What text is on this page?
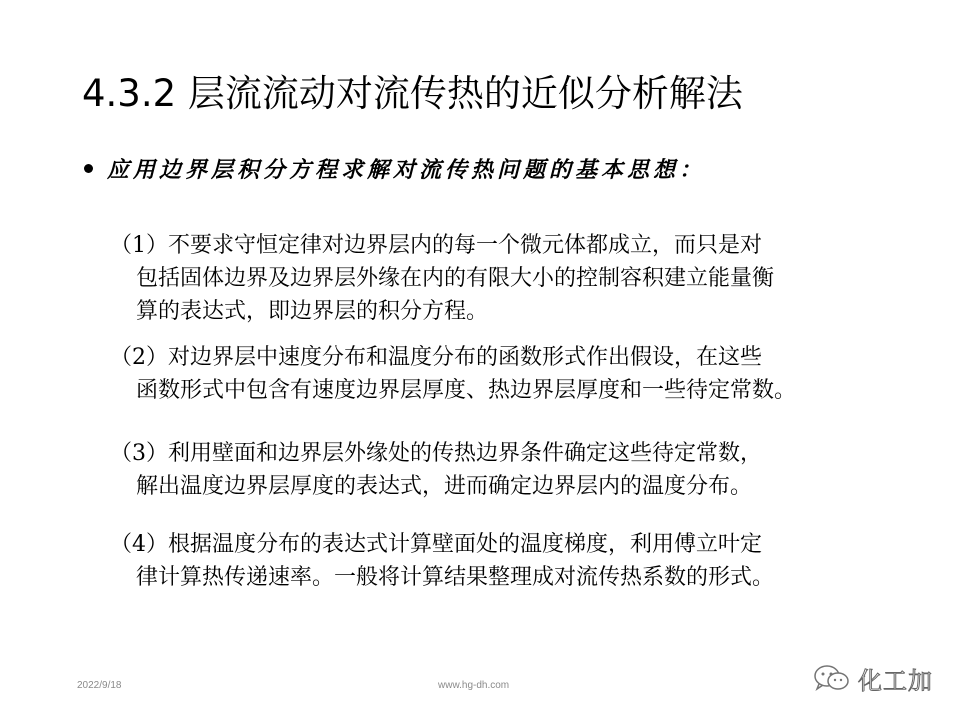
4.3.2 层流流动对流传热的近似分析解法
应用边界层积分方程求解对流传热问题的基本思想：
（1）不要求守恒定律对边界层内的每一个微元体都成立，而只是对
包括固体边界及边界层外缘在内的有限大小的控制容积建立能量衡
算的表达式，即边界层的积分方程。
（2）对边界层中速度分布和温度分布的函数形式作出假设，在这些
函数形式中包含有速度边界层厚度、热边界层厚度和一些待定常数。
（3）利用壁面和边界层外缘处的传热边界条件确定这些待定常数，
解出温度边界层厚度的表达式，进而确定边界层内的温度分布。
（4）根据温度分布的表达式计算壁面处的温度梯度，利用傅立叶定
律计算热传递速率。一般将计算结果整理成对流传热系数的形式。
2022/9/18	www.hg-dh.com	化工加
